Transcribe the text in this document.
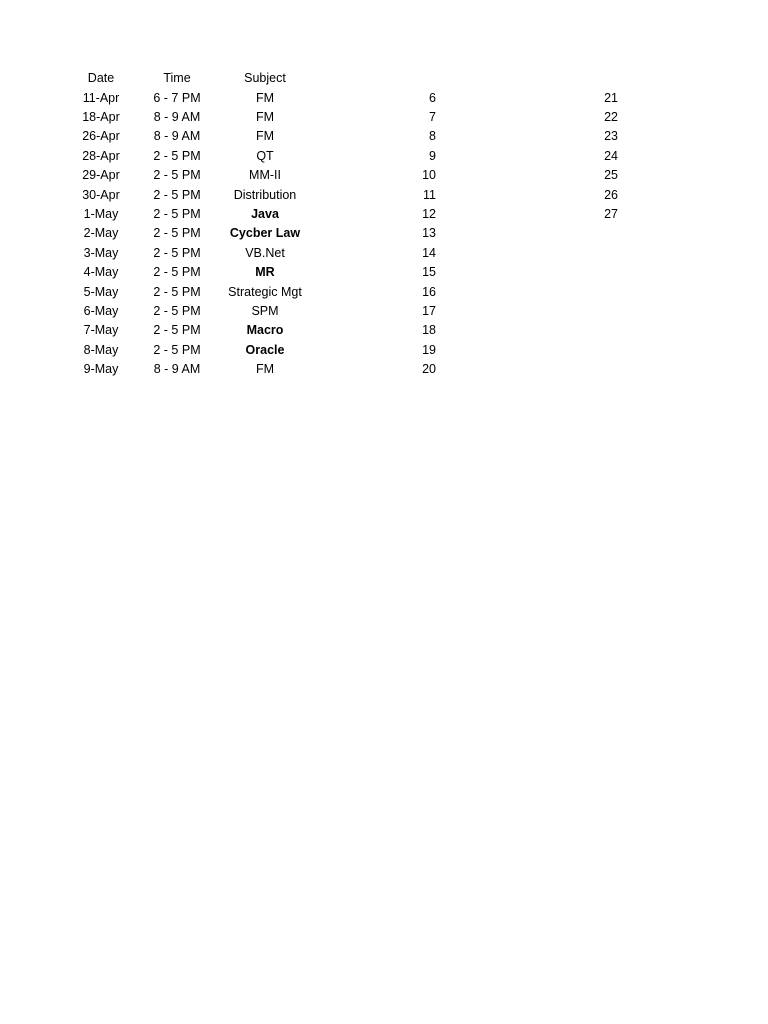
Date	Time	Subject
11-Apr	6 - 7 PM	FM	6	21
18-Apr	8 - 9 AM	FM	7	22
26-Apr	8 - 9 AM	FM	8	23
28-Apr	2 - 5 PM	QT	9	24
29-Apr	2 - 5 PM	MM-II	10	25
30-Apr	2 - 5 PM	Distribution	11	26
1-May	2 - 5 PM	Java	12	27
2-May	2 - 5 PM	Cycber Law	13
3-May	2 - 5 PM	VB.Net	14
4-May	2 - 5 PM	MR	15
5-May	2 - 5 PM	Strategic Mgt	16
6-May	2 - 5 PM	SPM	17
7-May	2 - 5 PM	Macro	18
8-May	2 - 5 PM	Oracle	19
9-May	8 - 9 AM	FM	20
